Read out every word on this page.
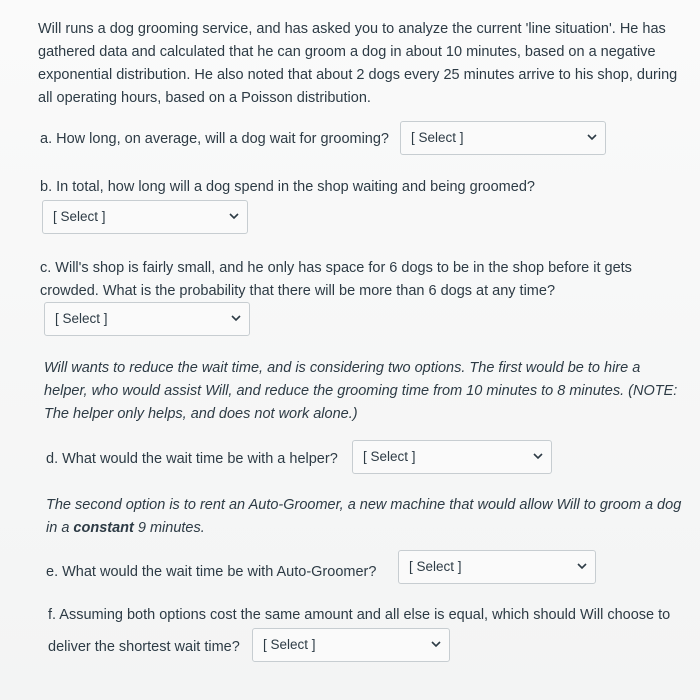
Will runs a dog grooming service, and has asked you to analyze the current 'line situation'. He has gathered data and calculated that he can groom a dog in about 10 minutes, based on a negative exponential distribution. He also noted that about 2 dogs every 25 minutes arrive to his shop, during all operating hours, based on a Poisson distribution.

a. How long, on average, will a dog wait for grooming? [ Select ]
b. In total, how long will a dog spend in the shop waiting and being groomed?
[ Select ]

c. Will's shop is fairly small, and he only has space for 6 dogs to be in the shop before it gets crowded. What is the probability that there will be more than 6 dogs at any time?

[ Select ]

Will wants to reduce the wait time, and is considering two options. The first would be to hire a helper, who would assist Will, and reduce the grooming time from 10 minutes to 8 minutes. (NOTE: The helper only helps, and does not work alone.)

d. What would the wait time be with a helper? [ Select ]

The second option is to rent an Auto-Groomer, a new machine that would allow Will to groom a dog in a constant 9 minutes.

e. What would the wait time be with Auto-Groomer? [ Select ]
f. Assuming both options cost the same amount and all else is equal, which should Will choose to
deliver the shortest wait time? [ Select ]
